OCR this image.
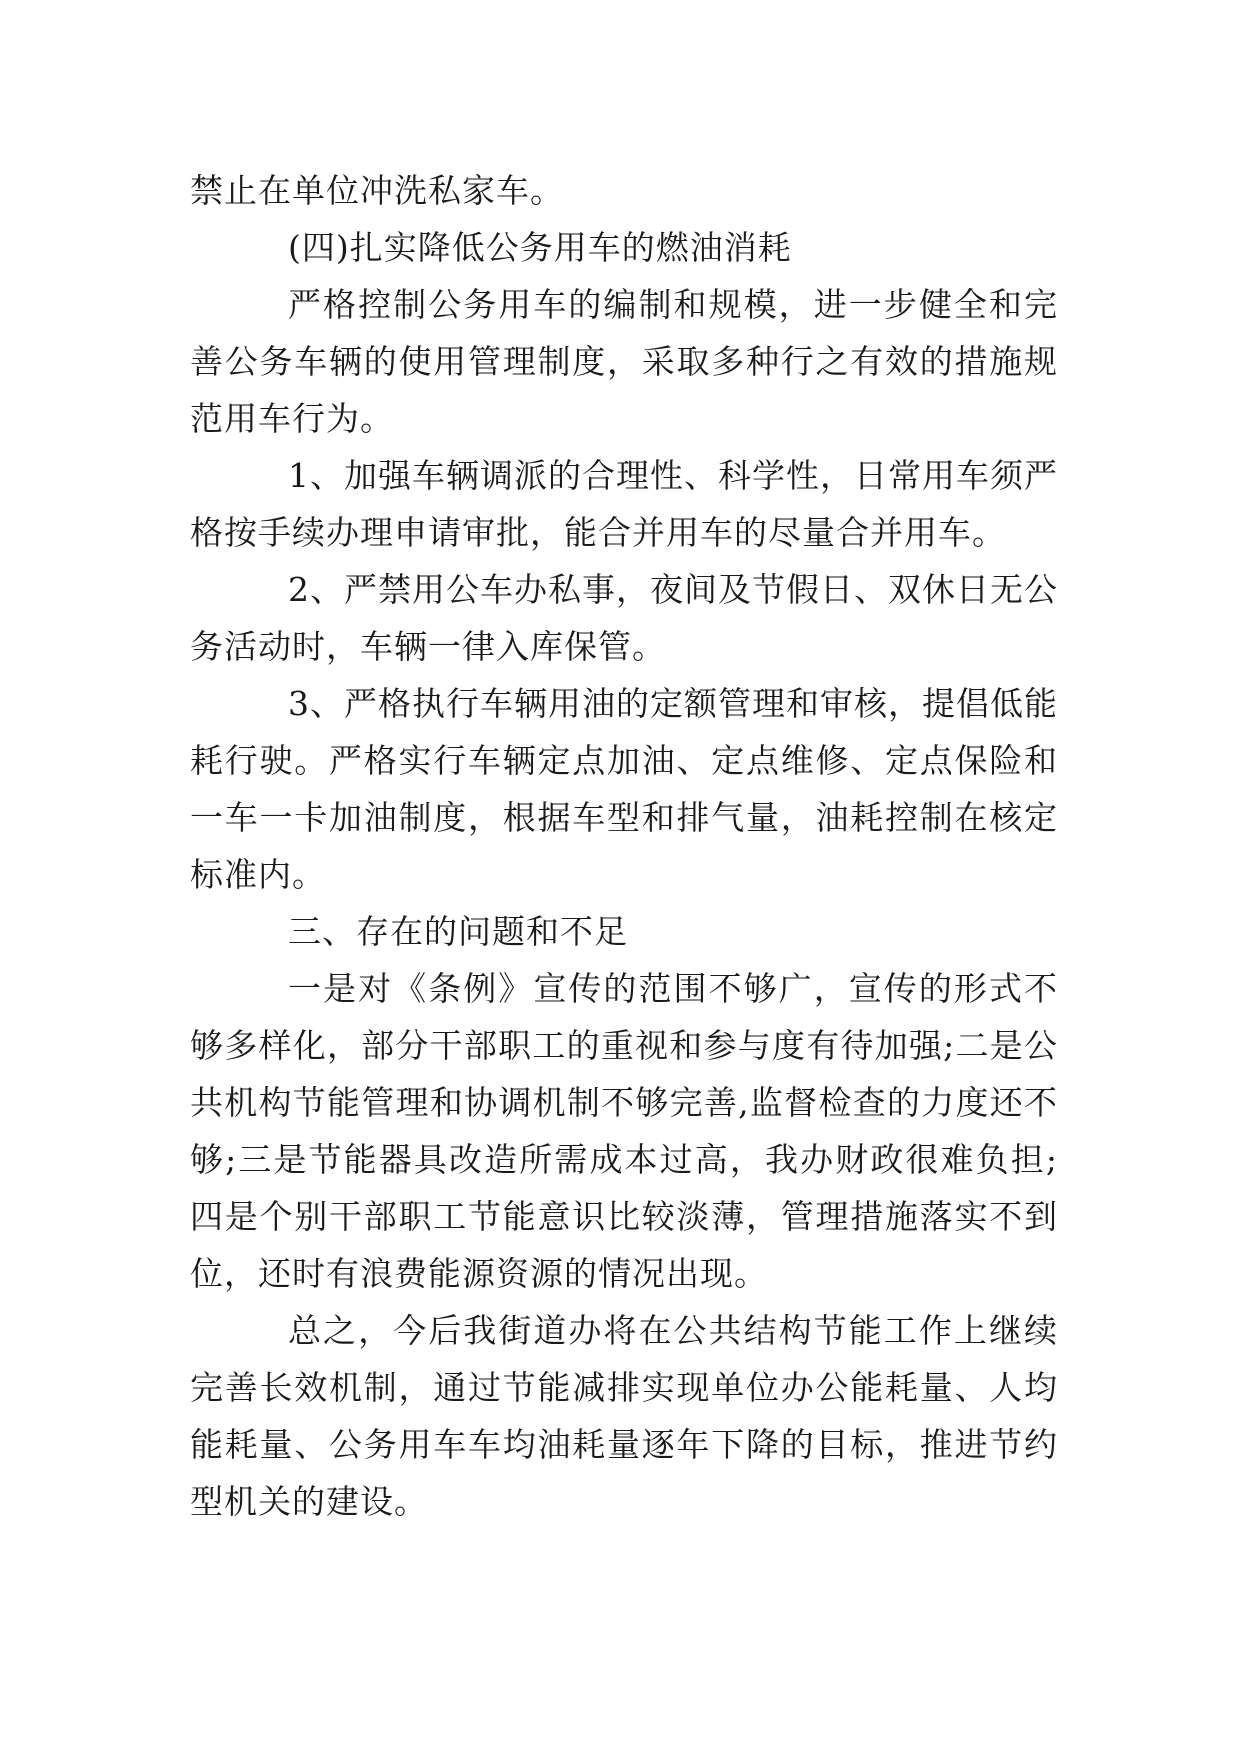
禁止在单位冲洗私家车。

(四)扎实降低公务用车的燃油消耗

严格控制公务用车的编制和规模，进一步健全和完善公务车辆的使用管理制度，采取多种行之有效的措施规范用车行为。

1、加强车辆调派的合理性、科学性，日常用车须严格按手续办理申请审批，能合并用车的尽量合并用车。

2、严禁用公车办私事，夜间及节假日、双休日无公务活动时，车辆一律入库保管。

3、严格执行车辆用油的定额管理和审核，提倡低能耗行驶。严格实行车辆定点加油、定点维修、定点保险和一车一卡加油制度，根据车型和排气量，油耗控制在核定标准内。

三、存在的问题和不足

一是对《条例》宣传的范围不够广，宣传的形式不够多样化，部分干部职工的重视和参与度有待加强;二是公共机构节能管理和协调机制不够完善,监督检查的力度还不够;三是节能器具改造所需成本过高，我办财政很难负担;四是个别干部职工节能意识比较淡薄，管理措施落实不到位，还时有浪费能源资源的情况出现。

总之，今后我街道办将在公共结构节能工作上继续完善长效机制，通过节能减排实现单位办公能耗量、人均能耗量、公务用车车均油耗量逐年下降的目标，推进节约型机关的建设。
